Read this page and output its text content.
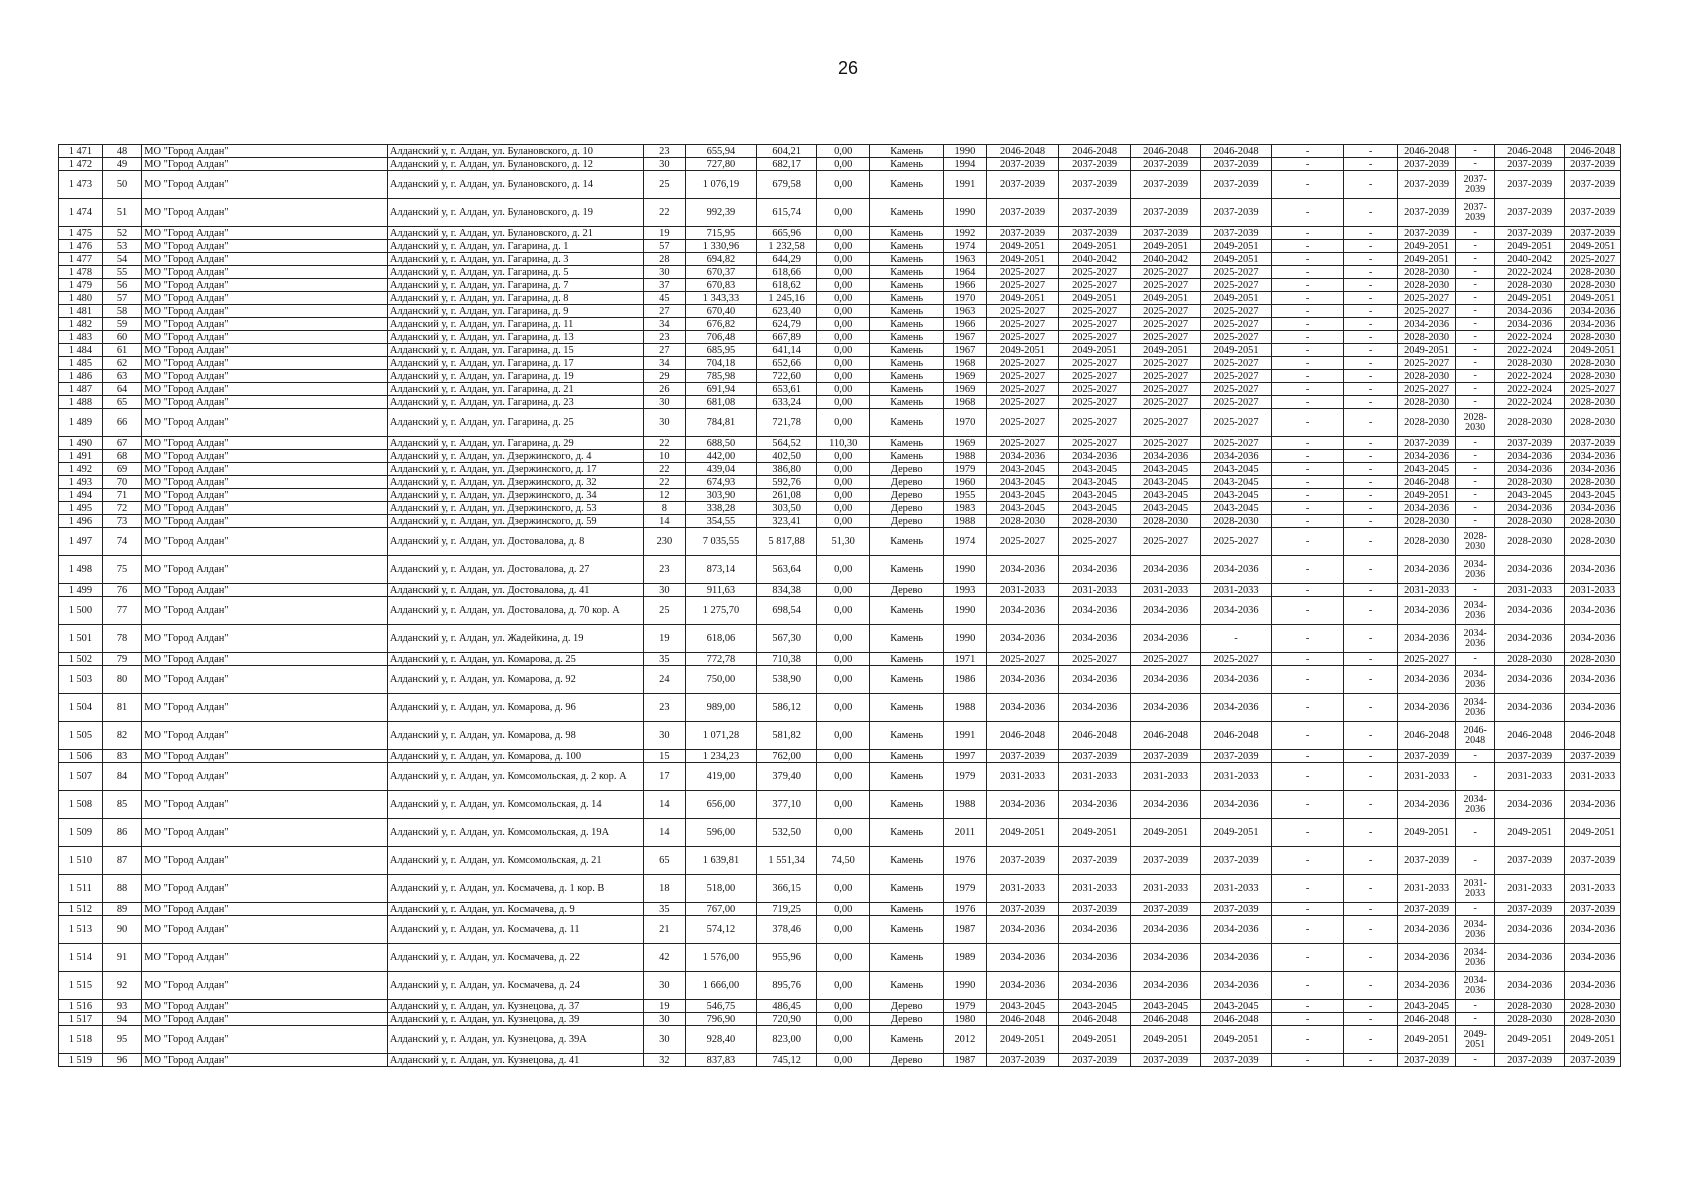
26
1 471	48	МО "Город Алдан"	Алданский у, г. Алдан, ул. Булановского, д. 10	23	655,94	604,21	0,00	Камень	1990	2046-2048	2046-2048	2046-2048	2046-2048	-	-	2046-2048	-	2046-2048	2046-2048
1 472	49	МО "Город Алдан"	Алданский у, г. Алдан, ул. Булановского, д. 12	30	727,80	682,17	0,00	Камень	1994	2037-2039	2037-2039	2037-2039	2037-2039	-	-	2037-2039	-	2037-2039	2037-2039
1 473	50	МО "Город Алдан"	Алданский у, г. Алдан, ул. Булановского, д. 14	25	1 076,19	679,58	0,00	Камень	1991	2037-2039	2037-2039	2037-2039	2037-2039	-	-	2037-2039	2037-2039	2037-2039	2037-2039
1 474	51	МО "Город Алдан"	Алданский у, г. Алдан, ул. Булановского, д. 19	22	992,39	615,74	0,00	Камень	1990	2037-2039	2037-2039	2037-2039	2037-2039	-	-	2037-2039	2037-2039	2037-2039	2037-2039
1 475	52	МО "Город Алдан"	Алданский у, г. Алдан, ул. Булановского, д. 21	19	715,95	665,96	0,00	Камень	1992	2037-2039	2037-2039	2037-2039	2037-2039	-	-	2037-2039	-	2037-2039	2037-2039
1 476	53	МО "Город Алдан"	Алданский у, г. Алдан, ул. Гагарина, д. 1	57	1 330,96	1 232,58	0,00	Камень	1974	2049-2051	2049-2051	2049-2051	2049-2051	-	-	2049-2051	-	2049-2051	2049-2051
1 477	54	МО "Город Алдан"	Алданский у, г. Алдан, ул. Гагарина, д. 3	28	694,82	644,29	0,00	Камень	1963	2049-2051	2040-2042	2040-2042	2049-2051	-	-	2049-2051	-	2040-2042	2025-2027
1 478	55	МО "Город Алдан"	Алданский у, г. Алдан, ул. Гагарина, д. 5	30	670,37	618,66	0,00	Камень	1964	2025-2027	2025-2027	2025-2027	2025-2027	-	-	2028-2030	-	2022-2024	2028-2030
1 479	56	МО "Город Алдан"	Алданский у, г. Алдан, ул. Гагарина, д. 7	37	670,83	618,62	0,00	Камень	1966	2025-2027	2025-2027	2025-2027	2025-2027	-	-	2028-2030	-	2028-2030	2028-2030
1 480	57	МО "Город Алдан"	Алданский у, г. Алдан, ул. Гагарина, д. 8	45	1 343,33	1 245,16	0,00	Камень	1970	2049-2051	2049-2051	2049-2051	2049-2051	-	-	2025-2027	-	2049-2051	2049-2051
1 481	58	МО "Город Алдан"	Алданский у, г. Алдан, ул. Гагарина, д. 9	27	670,40	623,40	0,00	Камень	1963	2025-2027	2025-2027	2025-2027	2025-2027	-	-	2025-2027	-	2034-2036	2034-2036
1 482	59	МО "Город Алдан"	Алданский у, г. Алдан, ул. Гагарина, д. 11	34	676,82	624,79	0,00	Камень	1966	2025-2027	2025-2027	2025-2027	2025-2027	-	-	2034-2036	-	2034-2036	2034-2036
1 483	60	МО "Город Алдан"	Алданский у, г. Алдан, ул. Гагарина, д. 13	23	706,48	667,89	0,00	Камень	1967	2025-2027	2025-2027	2025-2027	2025-2027	-	-	2028-2030	-	2022-2024	2028-2030
1 484	61	МО "Город Алдан"	Алданский у, г. Алдан, ул. Гагарина, д. 15	27	685,95	641,14	0,00	Камень	1967	2049-2051	2049-2051	2049-2051	2049-2051	-	-	2049-2051	-	2022-2024	2049-2051
1 485	62	МО "Город Алдан"	Алданский у, г. Алдан, ул. Гагарина, д. 17	34	704,18	652,66	0,00	Камень	1968	2025-2027	2025-2027	2025-2027	2025-2027	-	-	2025-2027	-	2028-2030	2028-2030
1 486	63	МО "Город Алдан"	Алданский у, г. Алдан, ул. Гагарина, д. 19	29	785,98	722,60	0,00	Камень	1969	2025-2027	2025-2027	2025-2027	2025-2027	-	-	2028-2030	-	2022-2024	2028-2030
1 487	64	МО "Город Алдан"	Алданский у, г. Алдан, ул. Гагарина, д. 21	26	691,94	653,61	0,00	Камень	1969	2025-2027	2025-2027	2025-2027	2025-2027	-	-	2025-2027	-	2022-2024	2025-2027
1 488	65	МО "Город Алдан"	Алданский у, г. Алдан, ул. Гагарина, д. 23	30	681,08	633,24	0,00	Камень	1968	2025-2027	2025-2027	2025-2027	2025-2027	-	-	2028-2030	-	2022-2024	2028-2030
1 489	66	МО "Город Алдан"	Алданский у, г. Алдан, ул. Гагарина, д. 25	30	784,81	721,78	0,00	Камень	1970	2025-2027	2025-2027	2025-2027	2025-2027	-	-	2028-2030	2028-2030	2028-2030	2028-2030
1 490	67	МО "Город Алдан"	Алданский у, г. Алдан, ул. Гагарина, д. 29	22	688,50	564,52	110,30	Камень	1969	2025-2027	2025-2027	2025-2027	2025-2027	-	-	2037-2039	-	2037-2039	2037-2039
1 491	68	МО "Город Алдан"	Алданский у, г. Алдан, ул. Дзержинского, д. 4	10	442,00	402,50	0,00	Камень	1988	2034-2036	2034-2036	2034-2036	2034-2036	-	-	2034-2036	-	2034-2036	2034-2036
1 492	69	МО "Город Алдан"	Алданский у, г. Алдан, ул. Дзержинского, д. 17	22	439,04	386,80	0,00	Дерево	1979	2043-2045	2043-2045	2043-2045	2043-2045	-	-	2043-2045	-	2034-2036	2034-2036
1 493	70	МО "Город Алдан"	Алданский у, г. Алдан, ул. Дзержинского, д. 32	22	674,93	592,76	0,00	Дерево	1960	2043-2045	2043-2045	2043-2045	2043-2045	-	-	2046-2048	-	2028-2030	2028-2030
1 494	71	МО "Город Алдан"	Алданский у, г. Алдан, ул. Дзержинского, д. 34	12	303,90	261,08	0,00	Дерево	1955	2043-2045	2043-2045	2043-2045	2043-2045	-	-	2049-2051	-	2043-2045	2043-2045
1 495	72	МО "Город Алдан"	Алданский у, г. Алдан, ул. Дзержинского, д. 53	8	338,28	303,50	0,00	Дерево	1983	2043-2045	2043-2045	2043-2045	2043-2045	-	-	2034-2036	-	2034-2036	2034-2036
1 496	73	МО "Город Алдан"	Алданский у, г. Алдан, ул. Дзержинского, д. 59	14	354,55	323,41	0,00	Дерево	1988	2028-2030	2028-2030	2028-2030	2028-2030	-	-	2028-2030	-	2028-2030	2028-2030
1 497	74	МО "Город Алдан"	Алданский у, г. Алдан, ул. Достовалова, д. 8	230	7 035,55	5 817,88	51,30	Камень	1974	2025-2027	2025-2027	2025-2027	2025-2027	-	-	2028-2030	2028-2030	2028-2030	2028-2030
1 498	75	МО "Город Алдан"	Алданский у, г. Алдан, ул. Достовалова, д. 27	23	873,14	563,64	0,00	Камень	1990	2034-2036	2034-2036	2034-2036	2034-2036	-	-	2034-2036	2034-2036	2034-2036	2034-2036
1 499	76	МО "Город Алдан"	Алданский у, г. Алдан, ул. Достовалова, д. 41	30	911,63	834,38	0,00	Дерево	1993	2031-2033	2031-2033	2031-2033	2031-2033	-	-	2031-2033	-	2031-2033	2031-2033
1 500	77	МО "Город Алдан"	Алданский у, г. Алдан, ул. Достовалова, д. 70 кор. А	25	1 275,70	698,54	0,00	Камень	1990	2034-2036	2034-2036	2034-2036	2034-2036	-	-	2034-2036	2034-2036	2034-2036	2034-2036
1 501	78	МО "Город Алдан"	Алданский у, г. Алдан, ул. Жадейкина, д. 19	19	618,06	567,30	0,00	Камень	1990	2034-2036	2034-2036	2034-2036	-	-	-	2034-2036	2034-2036	2034-2036	2034-2036
1 502	79	МО "Город Алдан"	Алданский у, г. Алдан, ул. Комарова, д. 25	35	772,78	710,38	0,00	Камень	1971	2025-2027	2025-2027	2025-2027	2025-2027	-	-	2025-2027	-	2028-2030	2028-2030
1 503	80	МО "Город Алдан"	Алданский у, г. Алдан, ул. Комарова, д. 92	24	750,00	538,90	0,00	Камень	1986	2034-2036	2034-2036	2034-2036	2034-2036	-	-	2034-2036	2034-2036	2034-2036	2034-2036
1 504	81	МО "Город Алдан"	Алданский у, г. Алдан, ул. Комарова, д. 96	23	989,00	586,12	0,00	Камень	1988	2034-2036	2034-2036	2034-2036	2034-2036	-	-	2034-2036	2034-2036	2034-2036	2034-2036
1 505	82	МО "Город Алдан"	Алданский у, г. Алдан, ул. Комарова, д. 98	30	1 071,28	581,82	0,00	Камень	1991	2046-2048	2046-2048	2046-2048	2046-2048	-	-	2046-2048	2046-2048	2046-2048	2046-2048
1 506	83	МО "Город Алдан"	Алданский у, г. Алдан, ул. Комарова, д. 100	15	1 234,23	762,00	0,00	Камень	1997	2037-2039	2037-2039	2037-2039	2037-2039	-	-	2037-2039	-	2037-2039	2037-2039
1 507	84	МО "Город Алдан"	Алданский у, г. Алдан, ул. Комсомольская, д. 2 кор. А	17	419,00	379,40	0,00	Камень	1979	2031-2033	2031-2033	2031-2033	2031-2033	-	-	2031-2033	-	2031-2033	2031-2033
1 508	85	МО "Город Алдан"	Алданский у, г. Алдан, ул. Комсомольская, д. 14	14	656,00	377,10	0,00	Камень	1988	2034-2036	2034-2036	2034-2036	2034-2036	-	-	2034-2036	2034-2036	2034-2036	2034-2036
1 509	86	МО "Город Алдан"	Алданский у, г. Алдан, ул. Комсомольская, д. 19А	14	596,00	532,50	0,00	Камень	2011	2049-2051	2049-2051	2049-2051	2049-2051	-	-	2049-2051	-	2049-2051	2049-2051
1 510	87	МО "Город Алдан"	Алданский у, г. Алдан, ул. Комсомольская, д. 21	65	1 639,81	1 551,34	74,50	Камень	1976	2037-2039	2037-2039	2037-2039	2037-2039	-	-	2037-2039	-	2037-2039	2037-2039
1 511	88	МО "Город Алдан"	Алданский у, г. Алдан, ул. Космачева, д. 1 кор. В	18	518,00	366,15	0,00	Камень	1979	2031-2033	2031-2033	2031-2033	2031-2033	-	-	2031-2033	2031-2033	2031-2033	2031-2033
1 512	89	МО "Город Алдан"	Алданский у, г. Алдан, ул. Космачева, д. 9	35	767,00	719,25	0,00	Камень	1976	2037-2039	2037-2039	2037-2039	2037-2039	-	-	2037-2039	-	2037-2039	2037-2039
1 513	90	МО "Город Алдан"	Алданский у, г. Алдан, ул. Космачева, д. 11	21	574,12	378,46	0,00	Камень	1987	2034-2036	2034-2036	2034-2036	2034-2036	-	-	2034-2036	2034-2036	2034-2036	2034-2036
1 514	91	МО "Город Алдан"	Алданский у, г. Алдан, ул. Космачева, д. 22	42	1 576,00	955,96	0,00	Камень	1989	2034-2036	2034-2036	2034-2036	2034-2036	-	-	2034-2036	2034-2036	2034-2036	2034-2036
1 515	92	МО "Город Алдан"	Алданский у, г. Алдан, ул. Космачева, д. 24	30	1 666,00	895,76	0,00	Камень	1990	2034-2036	2034-2036	2034-2036	2034-2036	-	-	2034-2036	2034-2036	2034-2036	2034-2036
1 516	93	МО "Город Алдан"	Алданский у, г. Алдан, ул. Кузнецова, д. 37	19	546,75	486,45	0,00	Дерево	1979	2043-2045	2043-2045	2043-2045	2043-2045	-	-	2043-2045	-	2028-2030	2028-2030
1 517	94	МО "Город Алдан"	Алданский у, г. Алдан, ул. Кузнецова, д. 39	30	796,90	720,90	0,00	Дерево	1980	2046-2048	2046-2048	2046-2048	2046-2048	-	-	2046-2048	-	2028-2030	2028-2030
1 518	95	МО "Город Алдан"	Алданский у, г. Алдан, ул. Кузнецова, д. 39А	30	928,40	823,00	0,00	Камень	2012	2049-2051	2049-2051	2049-2051	2049-2051	-	-	2049-2051	2049-2051	2049-2051	2049-2051
1 519	96	МО "Город Алдан"	Алданский у, г. Алдан, ул. Кузнецова, д. 41	32	837,83	745,12	0,00	Дерево	1987	2037-2039	2037-2039	2037-2039	2037-2039	-	-	2037-2039	-	2037-2039	2037-2039
